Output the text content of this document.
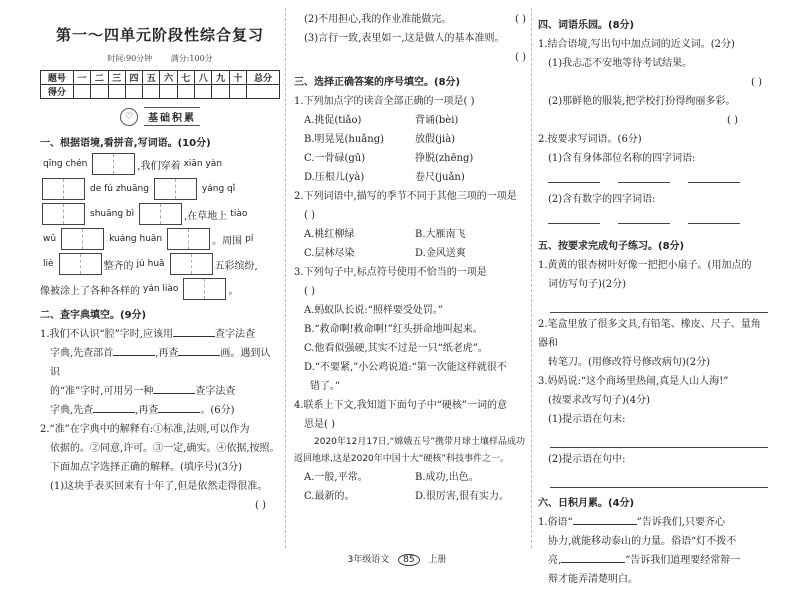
第一～四单元阶段性综合复习
时间:90分钟 满分:100分
题号	一	二	三	四	五	六	七	八	九	十	总分
得分											
♡	基础积累
一、根据语境,看拼音,写词语。(10分)
qīng chén	,我们穿着 xiān yàn
de fú zhuāng	yáng qǐ
shuāng bì	,在草地上 tiào
wǔ	kuáng huān	。周围 pí
liè	整齐的 jú huā	五彩缤纷,
像被涂上了各种各样的 yán liào	。
二、查字典填空。(9分)
1.我们不认识“腔”字时,应该用	查字法查
字典,先查部首	,再查	画。遇到认识
的“准”字时,可用另一种	查字法查
字典,先查	,再查	。(6分)
2.“准”在字典中的解释有:①标准,法则,可以作为
依据的。②同意,许可。③一定,确实。④依据,按照。
下面加点字选择正确的解释。(填序号)(3分)
(1)这块手表买回来有十年了,但是依然走得很准。
( )
(2)不用担心,我的作业准能做完。	( )
(3)言行一致,表里如一,这是做人的基本准则。
( )
三、选择正确答案的序号填空。(8分)
1.下列加点字的读音全部正确的一项是( )
A.挑促(tiǎo)	背诵(bèi)
B.明晃晃(huǎng)	放假(jià)
C.一骨碌(gū)	挣脱(zhēng)
D.压根儿(yà)	卷尺(juǎn)
2.下列词语中,描写的季节不同于其他三项的一项是
( )
A.桃红柳绿	B.大雁南飞
C.层林尽染	D.金风送爽
3.下列句子中,标点符号使用不恰当的一项是
( )
A.蚂蚁队长说:“照样要受处罚。”
B.“救命啊!救命啊!”红头拼命地叫起来。
C.他看似强硬,其实不过是一只“纸老虎”。
D.“不要紧,”小公鸡说道:“第一次能这样就很不
错了。”
4.联系上下文,我知道下面句子中“硬核”一词的意
思是( )
2020年12月17日,“嫦娥五号”携带月球土壤样品成功返回地球,这是2020年中国十大“硬核”科技事件之一。
A.一般,平常。	B.成功,出色。
C.最新的。	D.很厉害,很有实力。
四、词语乐园。(8分)
1.结合语境,写出句中加点词的近义词。(2分)
(1)我忐忑不安地等待考试结果。
( )
(2)那鲜艳的服装,把学校打扮得绚丽多彩。
( )
2.按要求写词语。(6分)
(1)含有身体部位名称的四字词语:
(2)含有数字的四字词语:
五、按要求完成句子练习。(8分)
1.黄黄的银杏树叶好像一把把小扇子。(用加点的
词仿写句子)(2分)
2.笔盒里放了很多文具,有铅笔、橡皮、尺子、量角器和
转笔刀。(用修改符号修改病句)(2分)
3.妈妈说:“这个商场里热闹,真是人山人海!”
(按要求改写句子)(4分)
(1)提示语在句末:
(2)提示语在句中:
六、日积月累。(4分)
1.俗语“	”告诉我们,只要齐心
协力,就能移动泰山的力量。俗语“灯不拨不
亮,	”告诉我们道理要经常辩一
辩才能弄清楚明白。
3年级语文 85 上册
